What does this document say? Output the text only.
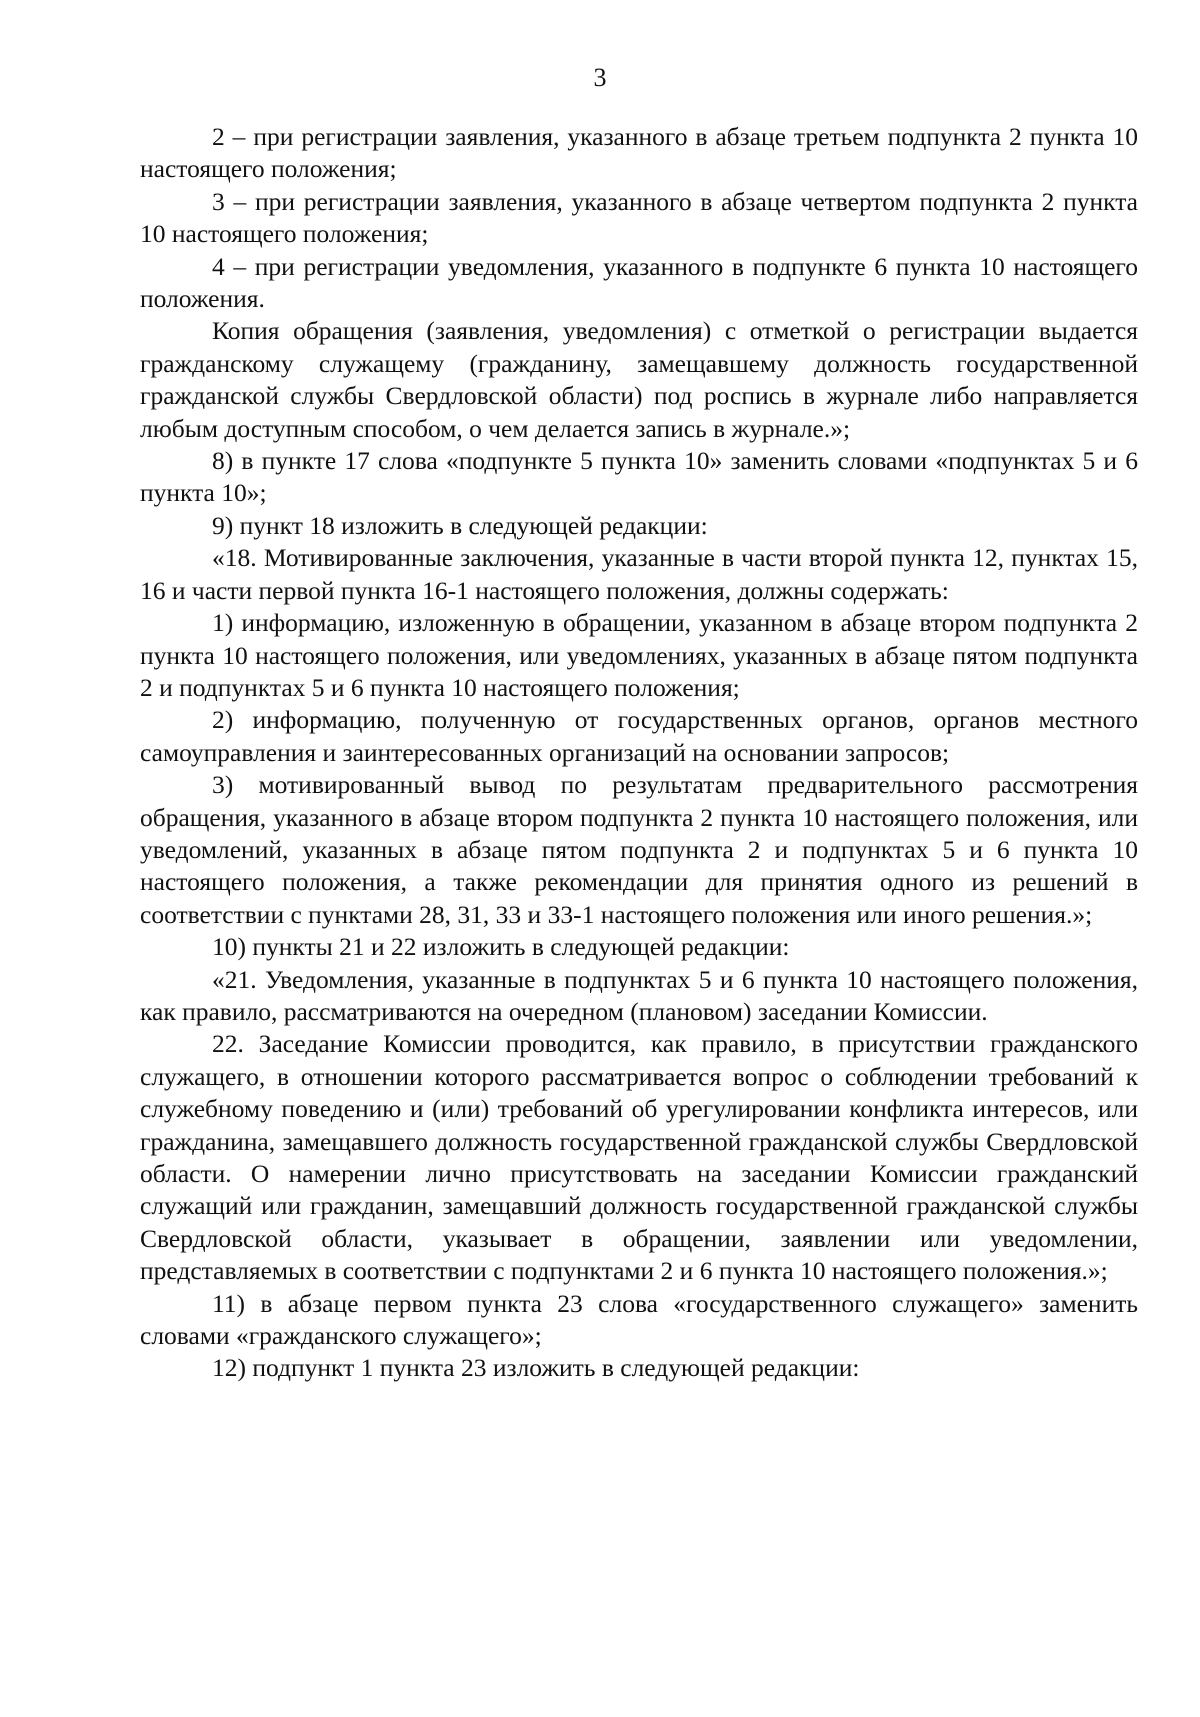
3

2 – при регистрации заявления, указанного в абзаце третьем подпункта 2 пункта 10 настоящего положения;

3 – при регистрации заявления, указанного в абзаце четвертом подпункта 2 пункта 10 настоящего положения;

4 – при регистрации уведомления, указанного в подпункте 6 пункта 10 настоящего положения.

Копия обращения (заявления, уведомления) с отметкой о регистрации выдается гражданскому служащему (гражданину, замещавшему должность государственной гражданской службы Свердловской области) под роспись в журнале либо направляется любым доступным способом, о чем делается запись в журнале.»;

8) в пункте 17 слова «подпункте 5 пункта 10» заменить словами «подпунктах 5 и 6 пункта 10»;

9) пункт 18 изложить в следующей редакции:

«18. Мотивированные заключения, указанные в части второй пункта 12, пунктах 15, 16 и части первой пункта 16-1 настоящего положения, должны содержать:

1) информацию, изложенную в обращении, указанном в абзаце втором подпункта 2 пункта 10 настоящего положения, или уведомлениях, указанных в абзаце пятом подпункта 2 и подпунктах 5 и 6 пункта 10 настоящего положения;

2) информацию, полученную от государственных органов, органов местного самоуправления и заинтересованных организаций на основании запросов;

3) мотивированный вывод по результатам предварительного рассмотрения обращения, указанного в абзаце втором подпункта 2 пункта 10 настоящего положения, или уведомлений, указанных в абзаце пятом подпункта 2 и подпунктах 5 и 6 пункта 10 настоящего положения, а также рекомендации для принятия одного из решений в соответствии с пунктами 28, 31, 33 и 33-1 настоящего положения или иного решения.»;

10) пункты 21 и 22 изложить в следующей редакции:

«21. Уведомления, указанные в подпунктах 5 и 6 пункта 10 настоящего положения, как правило, рассматриваются на очередном (плановом) заседании Комиссии.

22. Заседание Комиссии проводится, как правило, в присутствии гражданского служащего, в отношении которого рассматривается вопрос о соблюдении требований к служебному поведению и (или) требований об урегулировании конфликта интересов, или гражданина, замещавшего должность государственной гражданской службы Свердловской области. О намерении лично присутствовать на заседании Комиссии гражданский служащий или гражданин, замещавший должность государственной гражданской службы Свердловской области, указывает в обращении, заявлении или уведомлении, представляемых в соответствии с подпунктами 2 и 6 пункта 10 настоящего положения.»;

11) в абзаце первом пункта 23 слова «государственного служащего» заменить словами «гражданского служащего»;

12) подпункт 1 пункта 23 изложить в следующей редакции:
